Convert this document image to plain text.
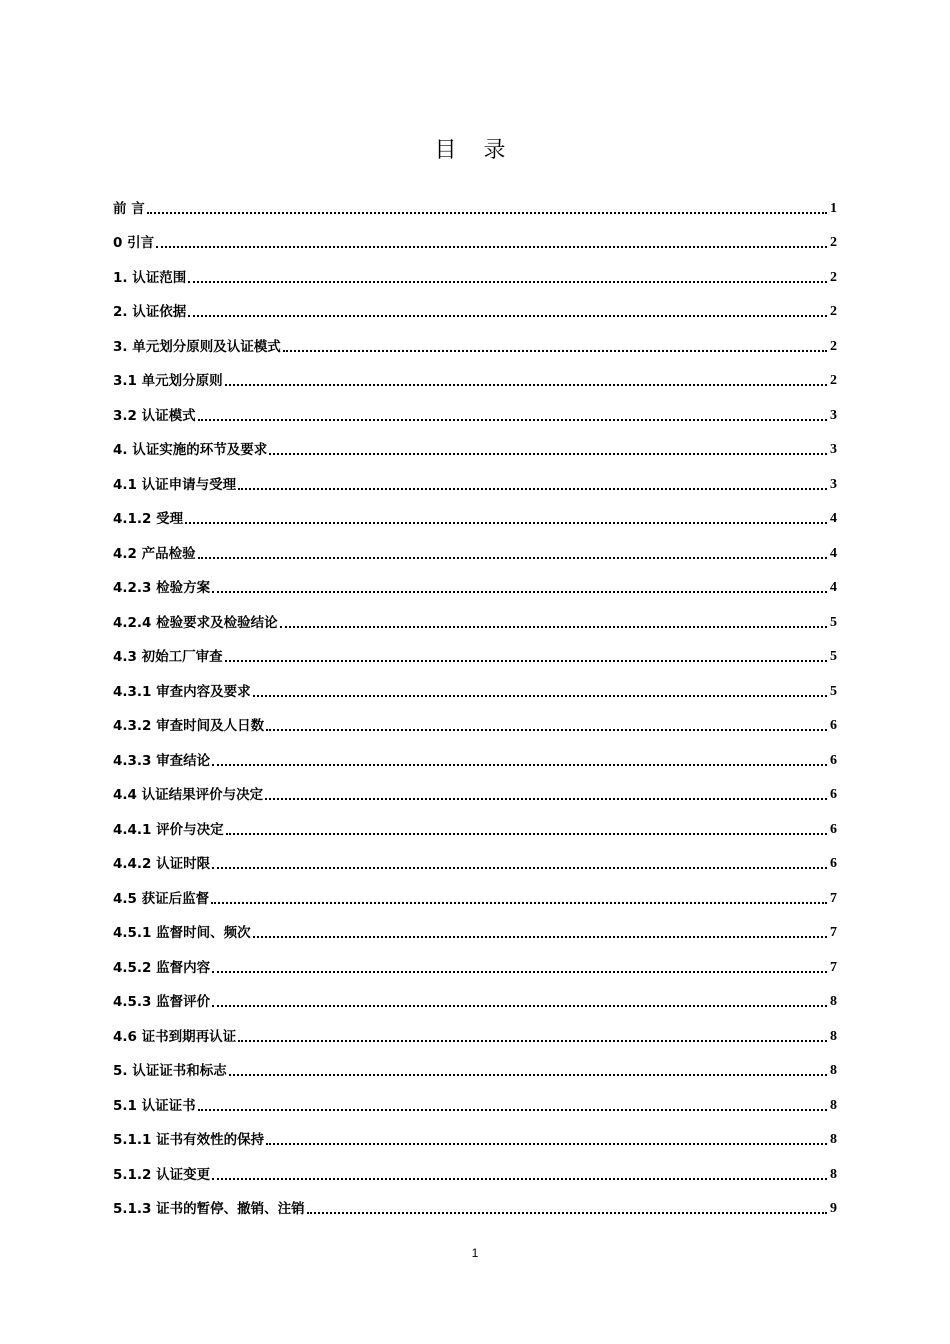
目 录
前 言	1
0 引言	2
1. 认证范围	2
2. 认证依据	2
3. 单元划分原则及认证模式	2
3.1 单元划分原则	2
3.2 认证模式	3
4. 认证实施的环节及要求	3
4.1 认证申请与受理	3
4.1.2 受理	4
4.2 产品检验	4
4.2.3 检验方案	4
4.2.4 检验要求及检验结论	5
4.3 初始工厂审查	5
4.3.1 审查内容及要求	5
4.3.2 审查时间及人日数	6
4.3.3 审查结论	6
4.4 认证结果评价与决定	6
4.4.1 评价与决定	6
4.4.2 认证时限	6
4.5 获证后监督	7
4.5.1 监督时间、频次	7
4.5.2 监督内容	7
4.5.3 监督评价	8
4.6 证书到期再认证	8
5. 认证证书和标志	8
5.1 认证证书	8
5.1.1 证书有效性的保持	8
5.1.2 认证变更	8
5.1.3 证书的暂停、撤销、注销	9
1
